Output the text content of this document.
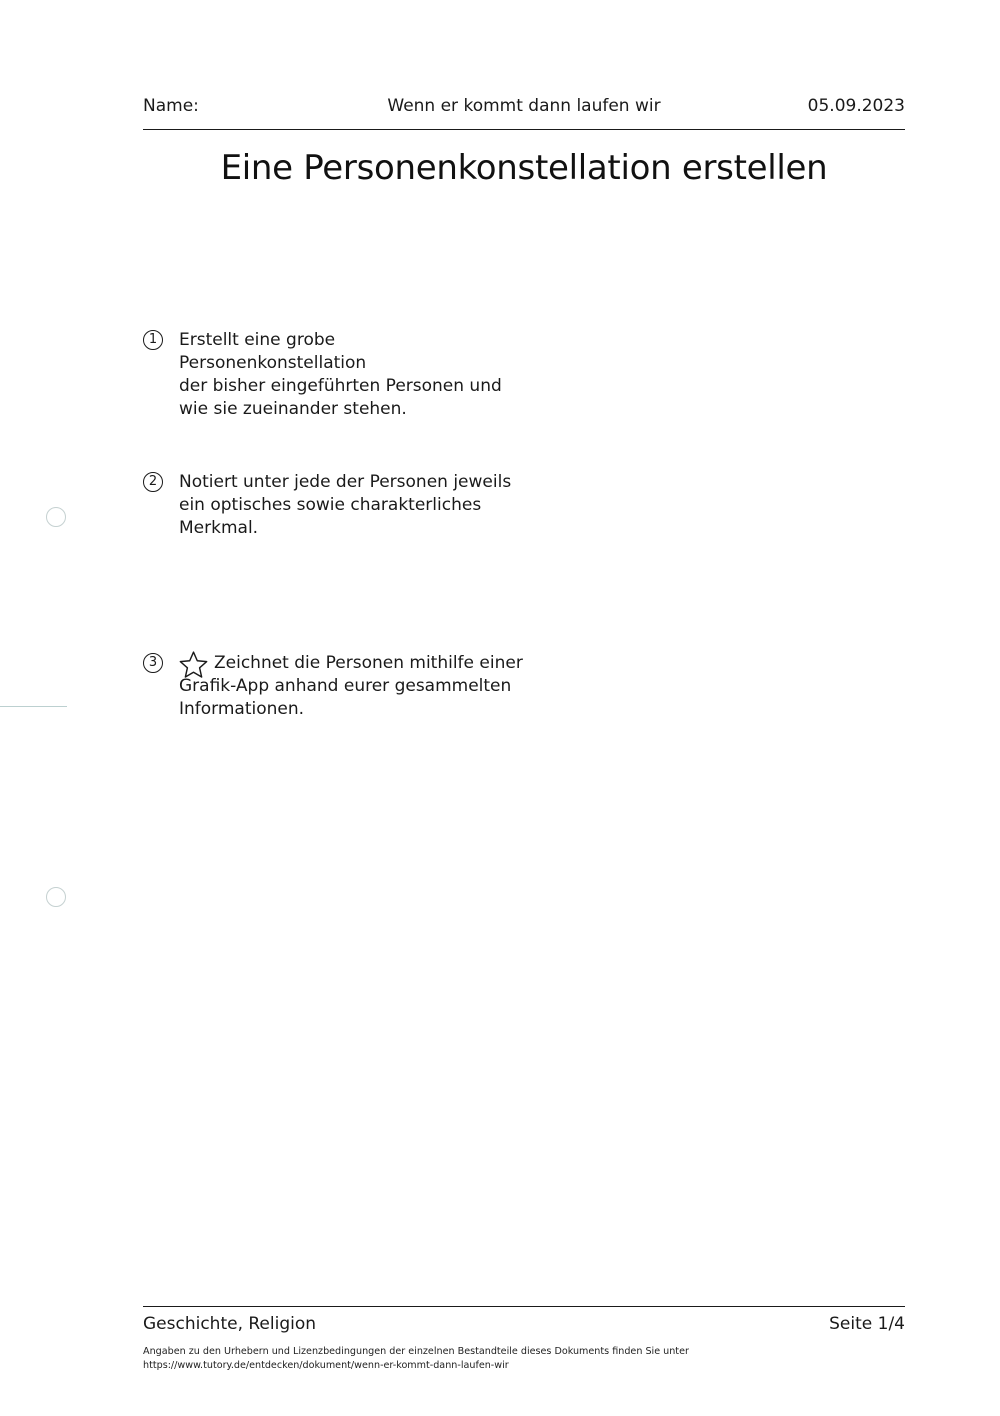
Name:	Wenn er kommt dann laufen wir	05.09.2023
Eine Personenkonstellation erstellen
1	Erstellt eine grobe Personenkonstellation
der bisher eingeführten Personen und
wie sie zueinander stehen.
2	Notiert unter jede der Personen jeweils
ein optisches sowie charakterliches
Merkmal.
3	Zeichnet die Personen mithilfe einer
Grafik-App anhand eurer gesammelten
Informationen.
Geschichte, Religion	Seite 1/4
Angaben zu den Urhebern und Lizenzbedingungen der einzelnen Bestandteile dieses Dokuments finden Sie unter
https://www.tutory.de/entdecken/dokument/wenn-er-kommt-dann-laufen-wir
